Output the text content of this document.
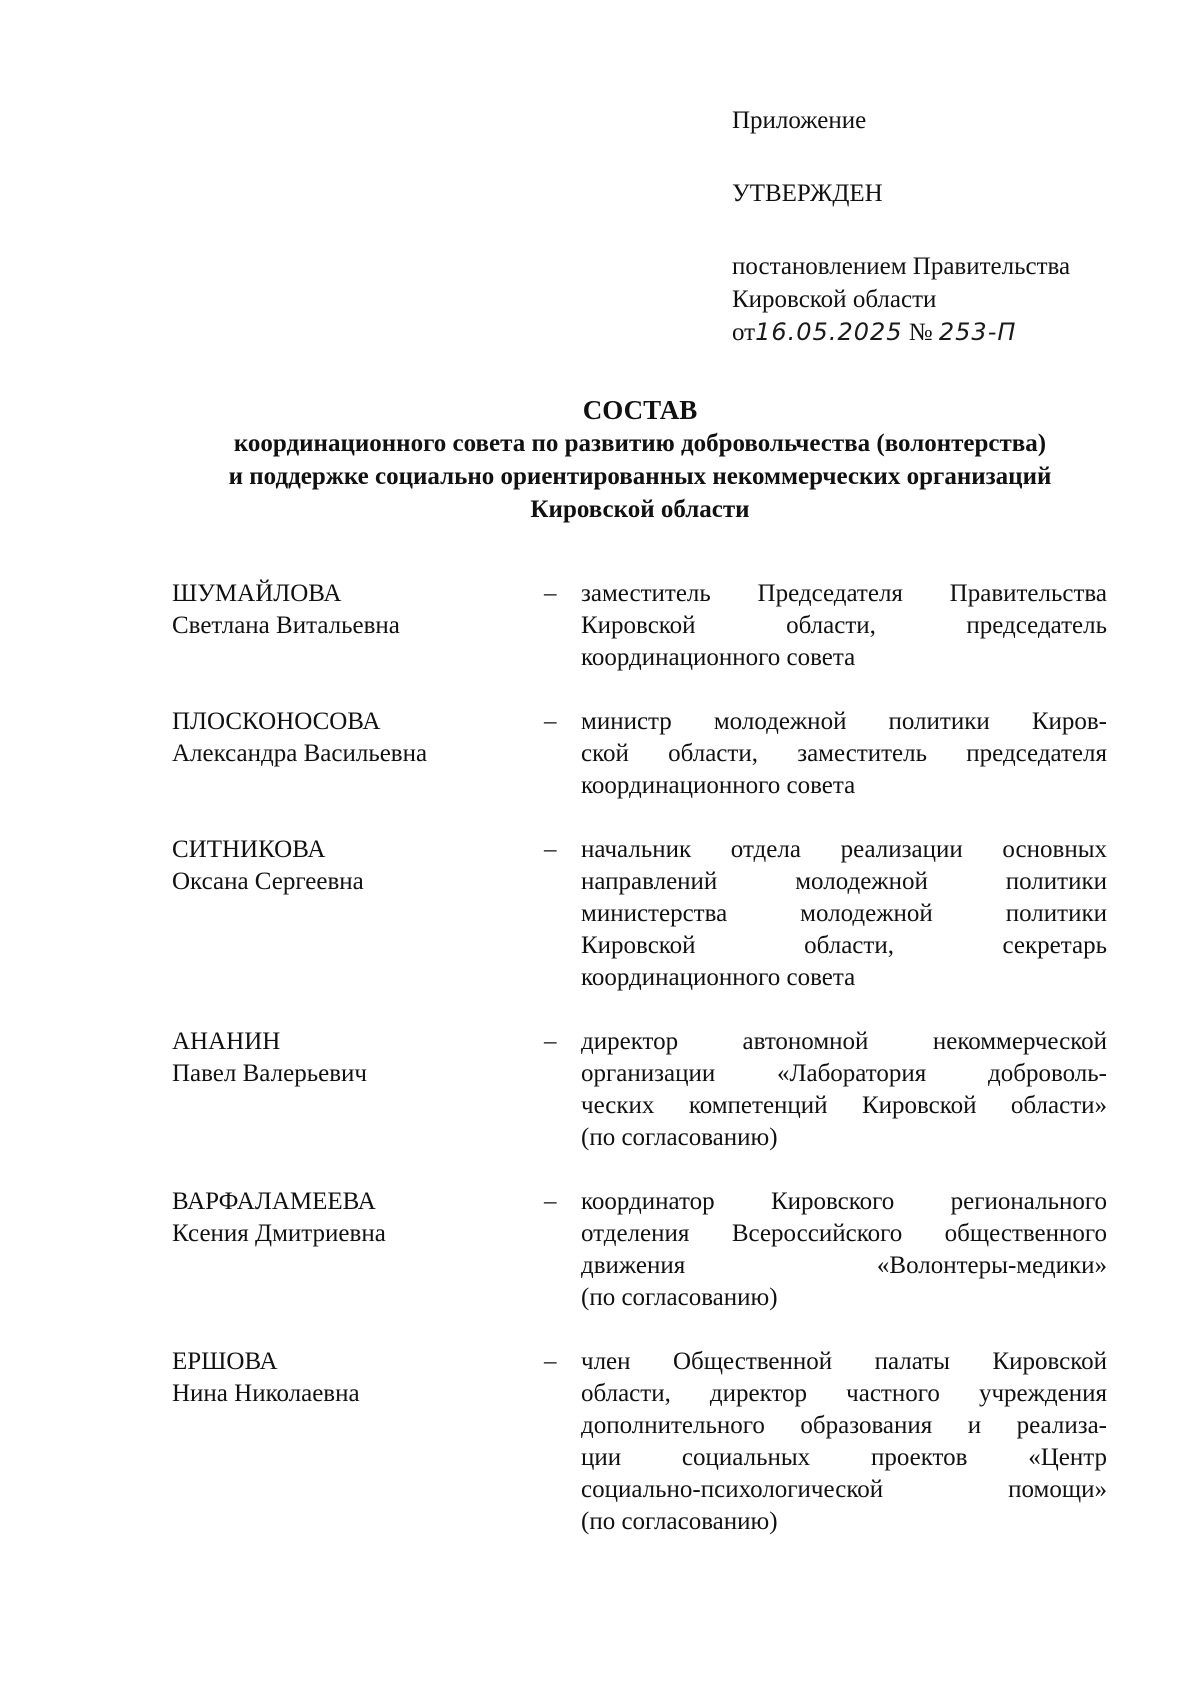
Приложение
УТВЕРЖДЕН
постановлением Правительства
Кировской области
от16.05.2025 № 253-П
СОСТАВ
координационного совета по развитию добровольчества (волонтерства)
и поддержке социально ориентированных некоммерческих организаций
Кировской области
ШУМАЙЛОВА
Светлана Витальевна
– заместитель Председателя Правительства
Кировской области, председатель
координационного совета
ПЛОСКОНОСОВА
Александра Васильевна
– министр молодежной политики Киров-
ской области, заместитель председателя
координационного совета
СИТНИКОВА
Оксана Сергеевна
– начальник отдела реализации основных
направлений молодежной политики
министерства молодежной политики
Кировской области, секретарь
координационного совета
АНАНИН
Павел Валерьевич
– директор автономной некоммерческой
организации «Лаборатория доброволь-
ческих компетенций Кировской области»
(по согласованию)
ВАРФАЛАМЕЕВА
Ксения Дмитриевна
– координатор Кировского регионального
отделения Всероссийского общественного
движения «Волонтеры-медики»
(по согласованию)
ЕРШОВА
Нина Николаевна
– член Общественной палаты Кировской
области, директор частного учреждения
дополнительного образования и реализа-
ции социальных проектов «Центр
социально-психологической помощи»
(по согласованию)
